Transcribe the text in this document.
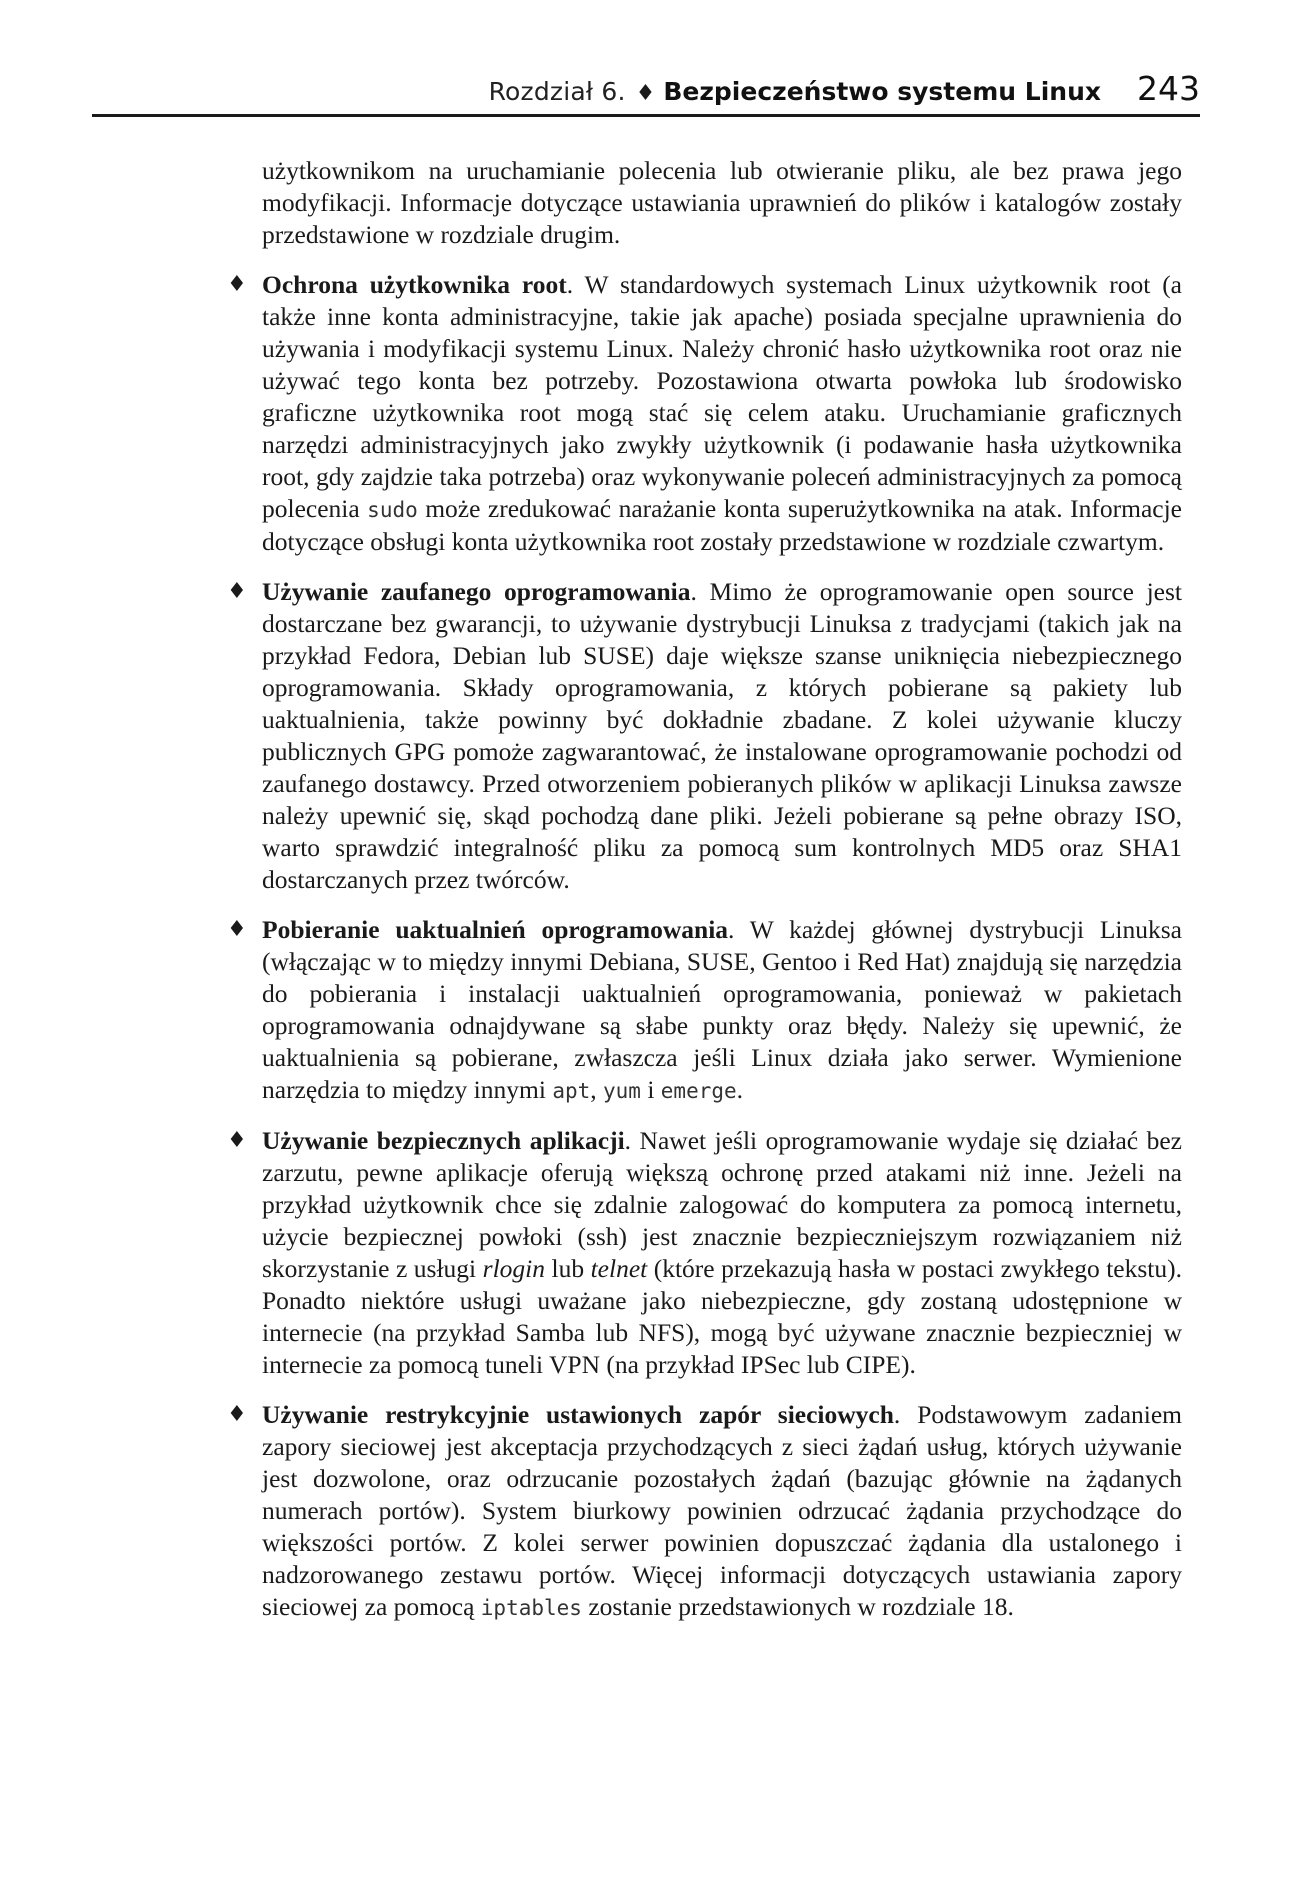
Rozdział 6. ♦ Bezpieczeństwo systemu Linux 243

użytkownikom na uruchamianie polecenia lub otwieranie pliku, ale bez prawa jego modyfikacji. Informacje dotyczące ustawiania uprawnień do plików i katalogów zostały przedstawione w rozdziale drugim.

♦ Ochrona użytkownika root. W standardowych systemach Linux użytkownik root (a także inne konta administracyjne, takie jak apache) posiada specjalne uprawnienia do używania i modyfikacji systemu Linux. Należy chronić hasło użytkownika root oraz nie używać tego konta bez potrzeby. Pozostawiona otwarta powłoka lub środowisko graficzne użytkownika root mogą stać się celem ataku. Uruchamianie graficznych narzędzi administracyjnych jako zwykły użytkownik (i podawanie hasła użytkownika root, gdy zajdzie taka potrzeba) oraz wykonywanie poleceń administracyjnych za pomocą polecenia sudo może zredukować narażanie konta superużytkownika na atak. Informacje dotyczące obsługi konta użytkownika root zostały przedstawione w rozdziale czwartym.
♦ Używanie zaufanego oprogramowania. Mimo że oprogramowanie open source jest dostarczane bez gwarancji, to używanie dystrybucji Linuksa z tradycjami (takich jak na przykład Fedora, Debian lub SUSE) daje większe szanse uniknięcia niebezpiecznego oprogramowania. Składy oprogramowania, z których pobierane są pakiety lub uaktualnienia, także powinny być dokładnie zbadane. Z kolei używanie kluczy publicznych GPG pomoże zagwarantować, że instalowane oprogramowanie pochodzi od zaufanego dostawcy. Przed otworzeniem pobieranych plików w aplikacji Linuksa zawsze należy upewnić się, skąd pochodzą dane pliki. Jeżeli pobierane są pełne obrazy ISO, warto sprawdzić integralność pliku za pomocą sum kontrolnych MD5 oraz SHA1 dostarczanych przez twórców.
♦ Pobieranie uaktualnień oprogramowania. W każdej głównej dystrybucji Linuksa (włączając w to między innymi Debiana, SUSE, Gentoo i Red Hat) znajdują się narzędzia do pobierania i instalacji uaktualnień oprogramowania, ponieważ w pakietach oprogramowania odnajdywane są słabe punkty oraz błędy. Należy się upewnić, że uaktualnienia są pobierane, zwłaszcza jeśli Linux działa jako serwer. Wymienione narzędzia to między innymi apt, yum i emerge.
♦ Używanie bezpiecznych aplikacji. Nawet jeśli oprogramowanie wydaje się działać bez zarzutu, pewne aplikacje oferują większą ochronę przed atakami niż inne. Jeżeli na przykład użytkownik chce się zdalnie zalogować do komputera za pomocą internetu, użycie bezpiecznej powłoki (ssh) jest znacznie bezpieczniejszym rozwiązaniem niż skorzystanie z usługi rlogin lub telnet (które przekazują hasła w postaci zwykłego tekstu). Ponadto niektóre usługi uważane jako niebezpieczne, gdy zostaną udostępnione w internecie (na przykład Samba lub NFS), mogą być używane znacznie bezpieczniej w internecie za pomocą tuneli VPN (na przykład IPSec lub CIPE).
♦ Używanie restrykcyjnie ustawionych zapór sieciowych. Podstawowym zadaniem zapory sieciowej jest akceptacja przychodzących z sieci żądań usług, których używanie jest dozwolone, oraz odrzucanie pozostałych żądań (bazując głównie na żądanych numerach portów). System biurkowy powinien odrzucać żądania przychodzące do większości portów. Z kolei serwer powinien dopuszczać żądania dla ustalonego i nadzorowanego zestawu portów. Więcej informacji dotyczących ustawiania zapory sieciowej za pomocą iptables zostanie przedstawionych w rozdziale 18.
